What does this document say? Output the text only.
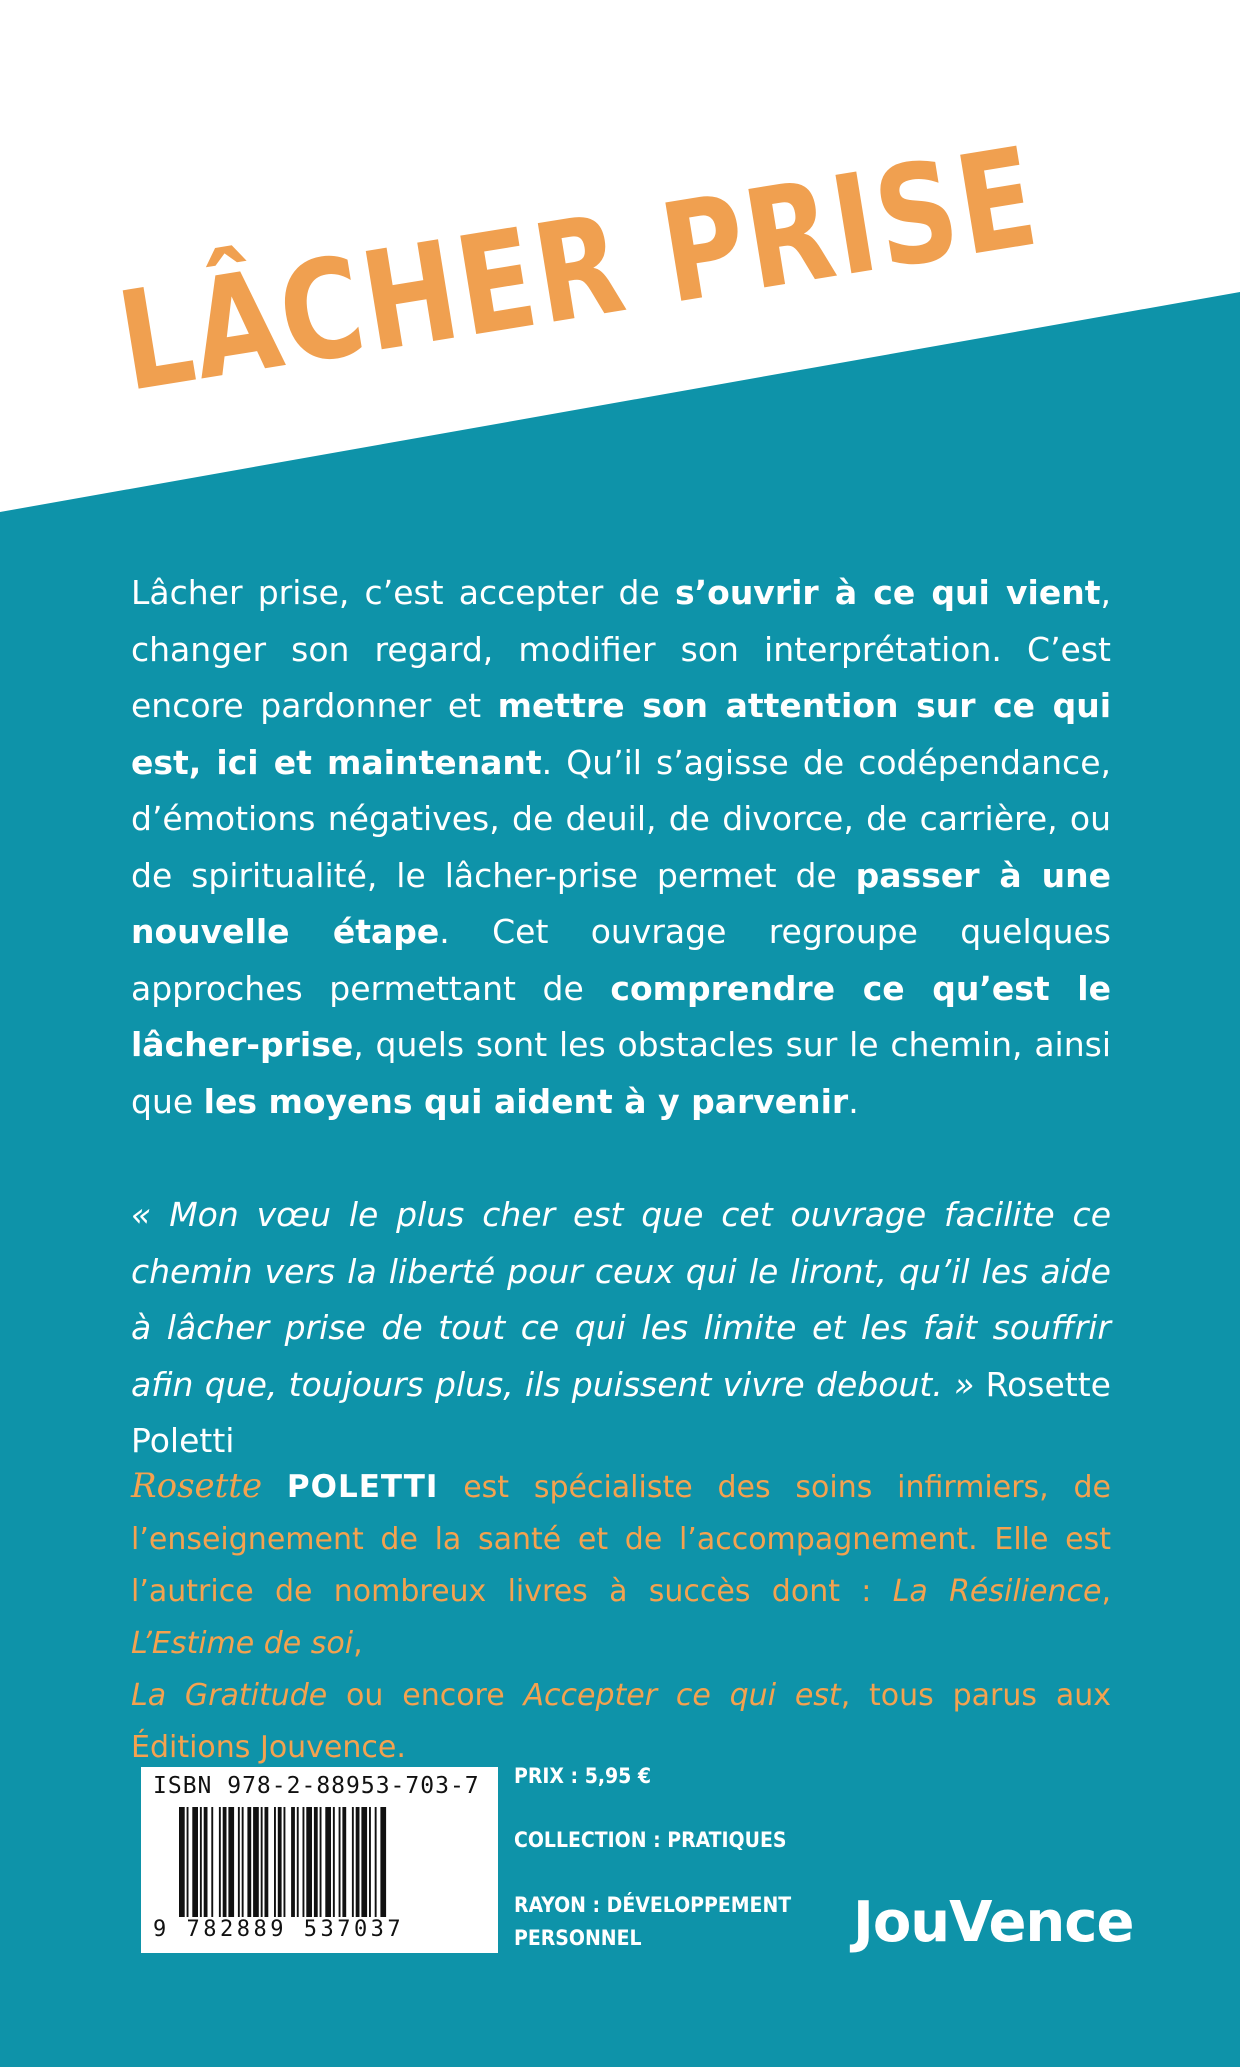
LÂCHER PRISE

Lâcher prise, c’est accepter de s’ouvrir à ce qui vient, changer son regard, modifier son interprétation. C’est encore pardonner et mettre son attention sur ce qui est, ici et maintenant. Qu’il s’agisse de codépendance, d’émotions négatives, de deuil, de divorce, de carrière, ou de spiritualité, le lâcher-prise permet de passer à une nouvelle étape. Cet ouvrage regroupe quelques approches permettant de comprendre ce qu’est le lâcher-prise, quels sont les obstacles sur le chemin, ainsi que les moyens qui aident à y parvenir.

« Mon vœu le plus cher est que cet ouvrage facilite ce chemin vers la liberté pour ceux qui le liront, qu’il les aide à lâcher prise de tout ce qui les limite et les fait souffrir afin que, toujours plus, ils puissent vivre debout. » Rosette Poletti

Rosette POLETTI est spécialiste des soins infirmiers, de l’enseignement de la santé et de l’accompagnement. Elle est l’autrice de nombreux livres à succès dont : La Résilience, L’Estime de soi,
La Gratitude ou encore Accepter ce qui est, tous parus aux Éditions Jouvence.

ISBN 978-2-88953-703-7
9 782889 537037
PRIX : 5,95 €
COLLECTION : PRATIQUES
RAYON : DÉVELOPPEMENT
PERSONNEL	JouVence
